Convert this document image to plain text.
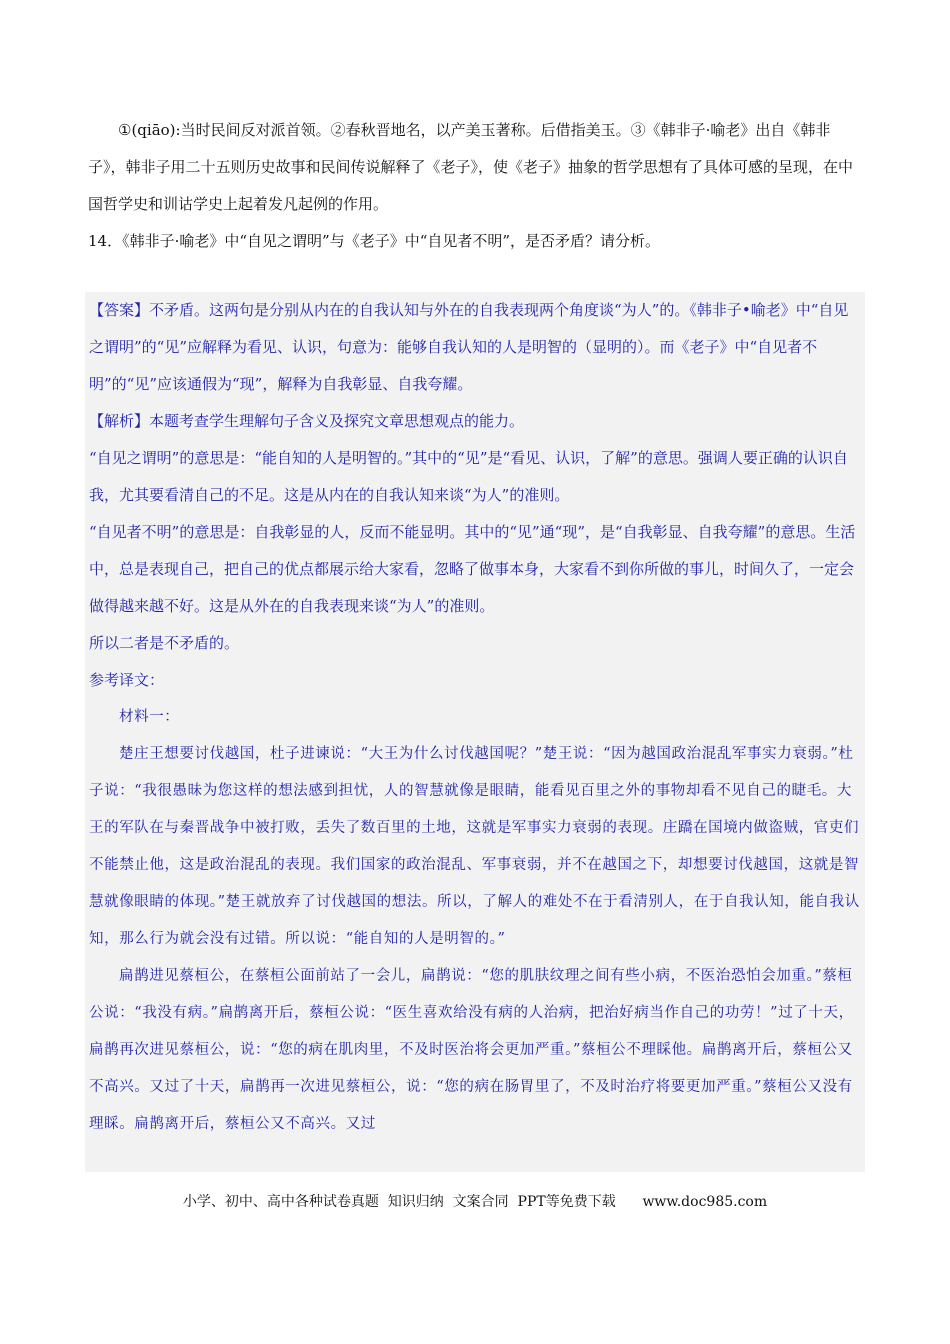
①(qiāo):当时民间反对派首领。②春秋晋地名，以产美玉著称。后借指美玉。③《韩非子·喻老》出自《韩非子》，韩非子用二十五则历史故事和民间传说解释了《老子》，使《老子》抽象的哲学思想有了具体可感的呈现，在中国哲学史和训诂学史上起着发凡起例的作用。

14．《韩非子·喻老》中“自见之谓明”与《老子》中“自见者不明”，是否矛盾？请分析。

【答案】不矛盾。这两句是分别从内在的自我认知与外在的自我表现两个角度谈“为人”的。《韩非子•喻老》中“自见之谓明”的“见”应解释为看见、认识，句意为：能够自我认知的人是明智的（显明的）。而《老子》中“自见者不明”的“见”应该通假为“现”，解释为自我彰显、自我夸耀。

【解析】本题考查学生理解句子含义及探究文章思想观点的能力。

“自见之谓明”的意思是：“能自知的人是明智的。”其中的“见”是“看见、认识，了解”的意思。强调人要正确的认识自我，尤其要看清自己的不足。这是从内在的自我认知来谈“为人”的准则。

“自见者不明”的意思是：自我彰显的人，反而不能显明。其中的“见”通“现”，是“自我彰显、自我夸耀”的意思。生活中，总是表现自己，把自己的优点都展示给大家看，忽略了做事本身，大家看不到你所做的事儿，时间久了，一定会做得越来越不好。这是从外在的自我表现来谈“为人”的准则。

所以二者是不矛盾的。

参考译文：

材料一：

楚庄王想要讨伐越国，杜子进谏说：“大王为什么讨伐越国呢？”楚王说：“因为越国政治混乱军事实力衰弱。”杜子说：“我很愚昧为您这样的想法感到担忧，人的智慧就像是眼睛，能看见百里之外的事物却看不见自己的睫毛。大王的军队在与秦晋战争中被打败，丢失了数百里的土地，这就是军事实力衰弱的表现。庄蹻在国境内做盗贼，官吏们不能禁止他，这是政治混乱的表现。我们国家的政治混乱、军事衰弱，并不在越国之下，却想要讨伐越国，这就是智慧就像眼睛的体现。”楚王就放弃了讨伐越国的想法。所以，了解人的难处不在于看清别人，在于自我认知，能自我认知，那么行为就会没有过错。所以说：“能自知的人是明智的。”

扁鹊进见蔡桓公，在蔡桓公面前站了一会儿，扁鹊说：“您的肌肤纹理之间有些小病，不医治恐怕会加重。”蔡桓公说：“我没有病。”扁鹊离开后，蔡桓公说：“医生喜欢给没有病的人治病，把治好病当作自己的功劳！”过了十天，扁鹊再次进见蔡桓公，说：“您的病在肌肉里，不及时医治将会更加严重。”蔡桓公不理睬他。扁鹊离开后，蔡桓公又不高兴。又过了十天，扁鹊再一次进见蔡桓公，说：“您的病在肠胃里了，不及时治疗将要更加严重。”蔡桓公又没有理睬。扁鹊离开后，蔡桓公又不高兴。又过

小学、初中、高中各种试卷真题  知识归纳  文案合同  PPT等免费下载      www.doc985.com
